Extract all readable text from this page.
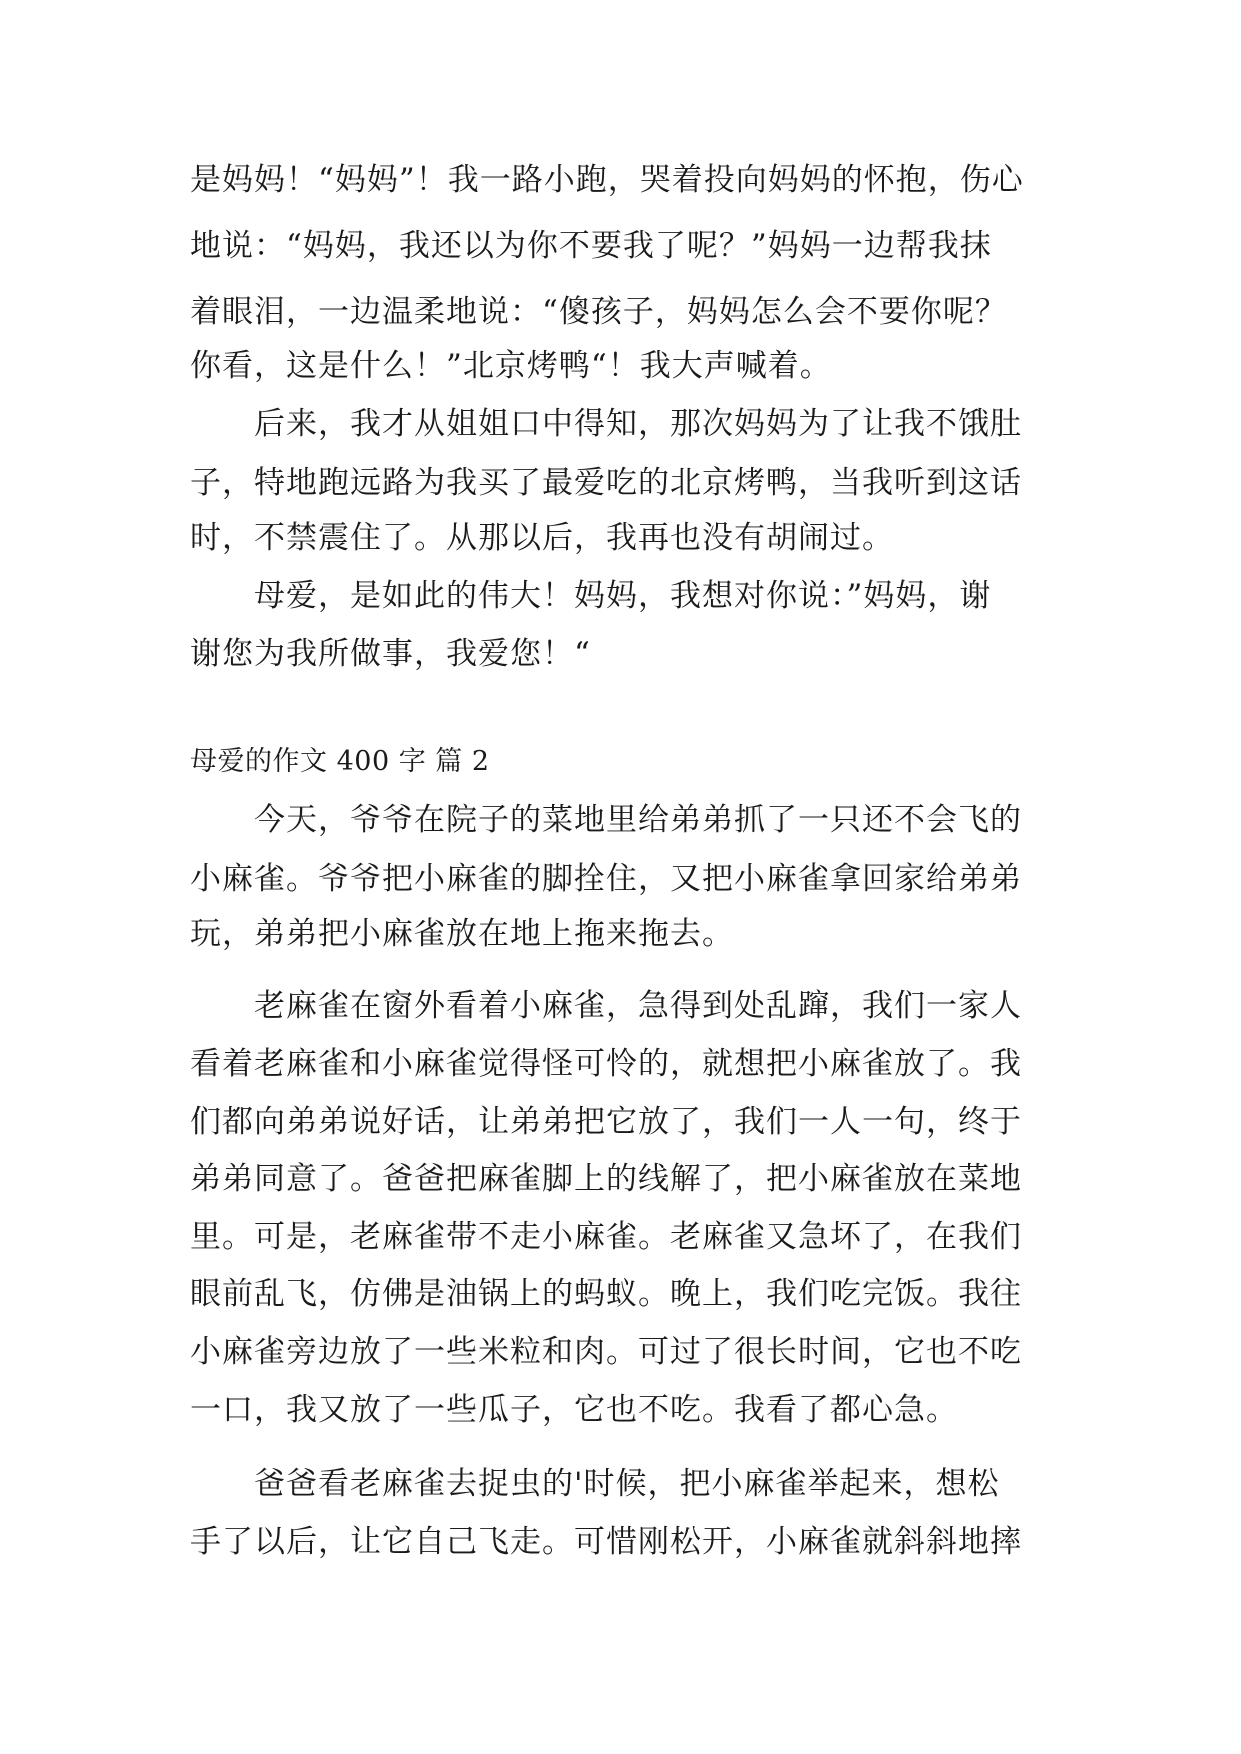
是妈妈！“妈妈”！我一路小跑，哭着投向妈妈的怀抱，伤心
地说：“妈妈，我还以为你不要我了呢？”妈妈一边帮我抹
着眼泪，一边温柔地说：“傻孩子，妈妈怎么会不要你呢？
你看，这是什么！”北京烤鸭“！我大声喊着。
　　后来，我才从姐姐口中得知，那次妈妈为了让我不饿肚
子，特地跑远路为我买了最爱吃的北京烤鸭，当我听到这话
时，不禁震住了。从那以后，我再也没有胡闹过。
　　母爱，是如此的伟大！妈妈，我想对你说：”妈妈，谢
谢您为我所做事，我爱您！“
母爱的作文 400 字 篇 2
　　今天，爷爷在院子的菜地里给弟弟抓了一只还不会飞的
小麻雀。爷爷把小麻雀的脚拴住，又把小麻雀拿回家给弟弟
玩，弟弟把小麻雀放在地上拖来拖去。
　　老麻雀在窗外看着小麻雀，急得到处乱蹿，我们一家人
看着老麻雀和小麻雀觉得怪可怜的，就想把小麻雀放了。我
们都向弟弟说好话，让弟弟把它放了，我们一人一句，终于
弟弟同意了。爸爸把麻雀脚上的线解了，把小麻雀放在菜地
里。可是，老麻雀带不走小麻雀。老麻雀又急坏了，在我们
眼前乱飞，仿佛是油锅上的蚂蚁。晚上，我们吃完饭。我往
小麻雀旁边放了一些米粒和肉。可过了很长时间，它也不吃
一口，我又放了一些瓜子，它也不吃。我看了都心急。
　　爸爸看老麻雀去捉虫的'时候，把小麻雀举起来，想松
手了以后，让它自己飞走。可惜刚松开，小麻雀就斜斜地摔
